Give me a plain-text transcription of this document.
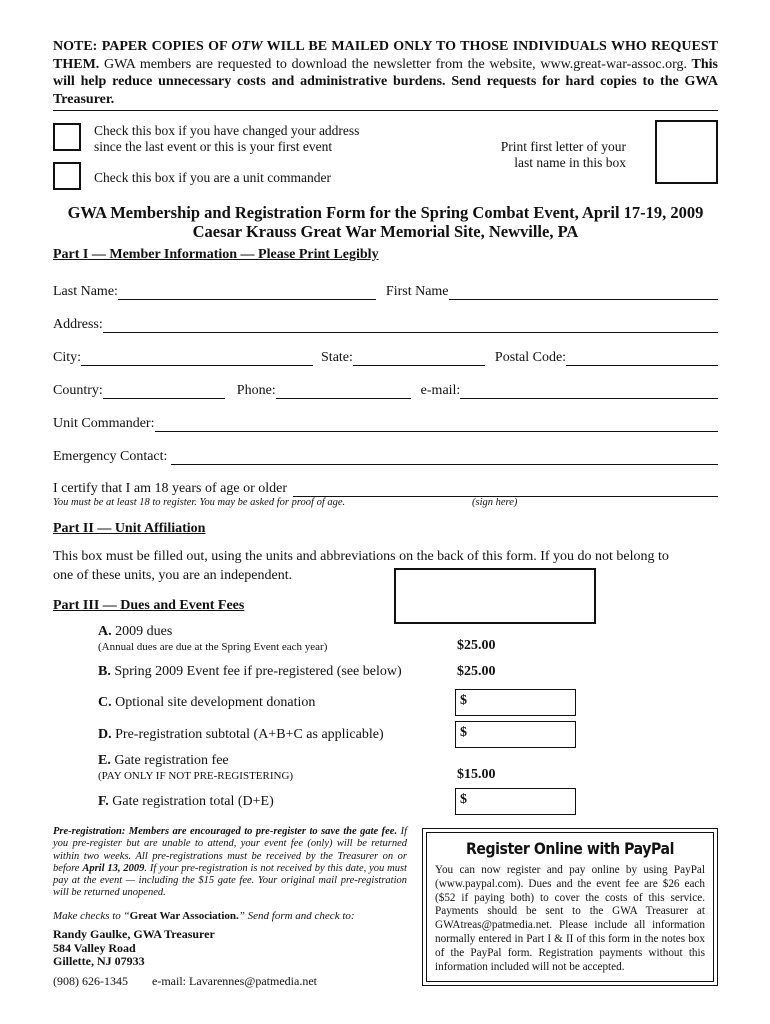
NOTE: PAPER COPIES OF OTW WILL BE MAILED ONLY TO THOSE INDIVIDUALS WHO REQUEST THEM. GWA members are requested to download the newsletter from the website, www.great-war-assoc.org. This will help reduce unnecessary costs and administrative burdens. Send requests for hard copies to the GWA Treasurer.
Check this box if you have changed your address
since the last event or this is your first event
Check this box if you are a unit commander
Print first letter of your
last name in this box
GWA Membership and Registration Form for the Spring Combat Event, April 17-19, 2009
Caesar Krauss Great War Memorial Site, Newville, PA
Part I — Member Information — Please Print Legibly
Last Name:	First Name
Address:
City:	State:	Postal Code:
Country:	Phone:	e-mail:
Unit Commander:
Emergency Contact:
I certify that I am 18 years of age or older
You must be at least 18 to register. You may be asked for proof of age.	(sign here)
Part II — Unit Affiliation
This box must be filled out, using the units and abbreviations on the back of this form. If you do not belong to one of these units, you are an independent.
Part III — Dues and Event Fees
A. 2009 dues
(Annual dues are due at the Spring Event each year)	$25.00
B. Spring 2009 Event fee if pre-registered (see below)	$25.00
C. Optional site development donation	$
D. Pre-registration subtotal (A+B+C as applicable)	$
E. Gate registration fee
(PAY ONLY IF NOT PRE-REGISTERING)	$15.00
F. Gate registration total (D+E)	$
Pre-registration: Members are encouraged to pre-register to save the gate fee. If you pre-register but are unable to attend, your event fee (only) will be returned within two weeks. All pre-registrations must be received by the Treasurer on or before April 13, 2009. If your pre-registration is not received by this date, you must pay at the event — including the $15 gate fee. Your original mail pre-registration will be returned unopened.
Make checks to “Great War Association.” Send form and check to:
Randy Gaulke, GWA Treasurer
584 Valley Road
Gillette, NJ 07933
(908) 626-1345 e-mail: Lavarennes@patmedia.net
Register Online with PayPal
You can now register and pay online by using PayPal (www.paypal.com). Dues and the event fee are $26 each ($52 if paying both) to cover the costs of this service. Payments should be sent to the GWA Treasurer at GWAtreas@patmedia.net. Please include all information normally entered in Part I & II of this form in the notes box of the PayPal form. Registration payments without this information included will not be accepted.
